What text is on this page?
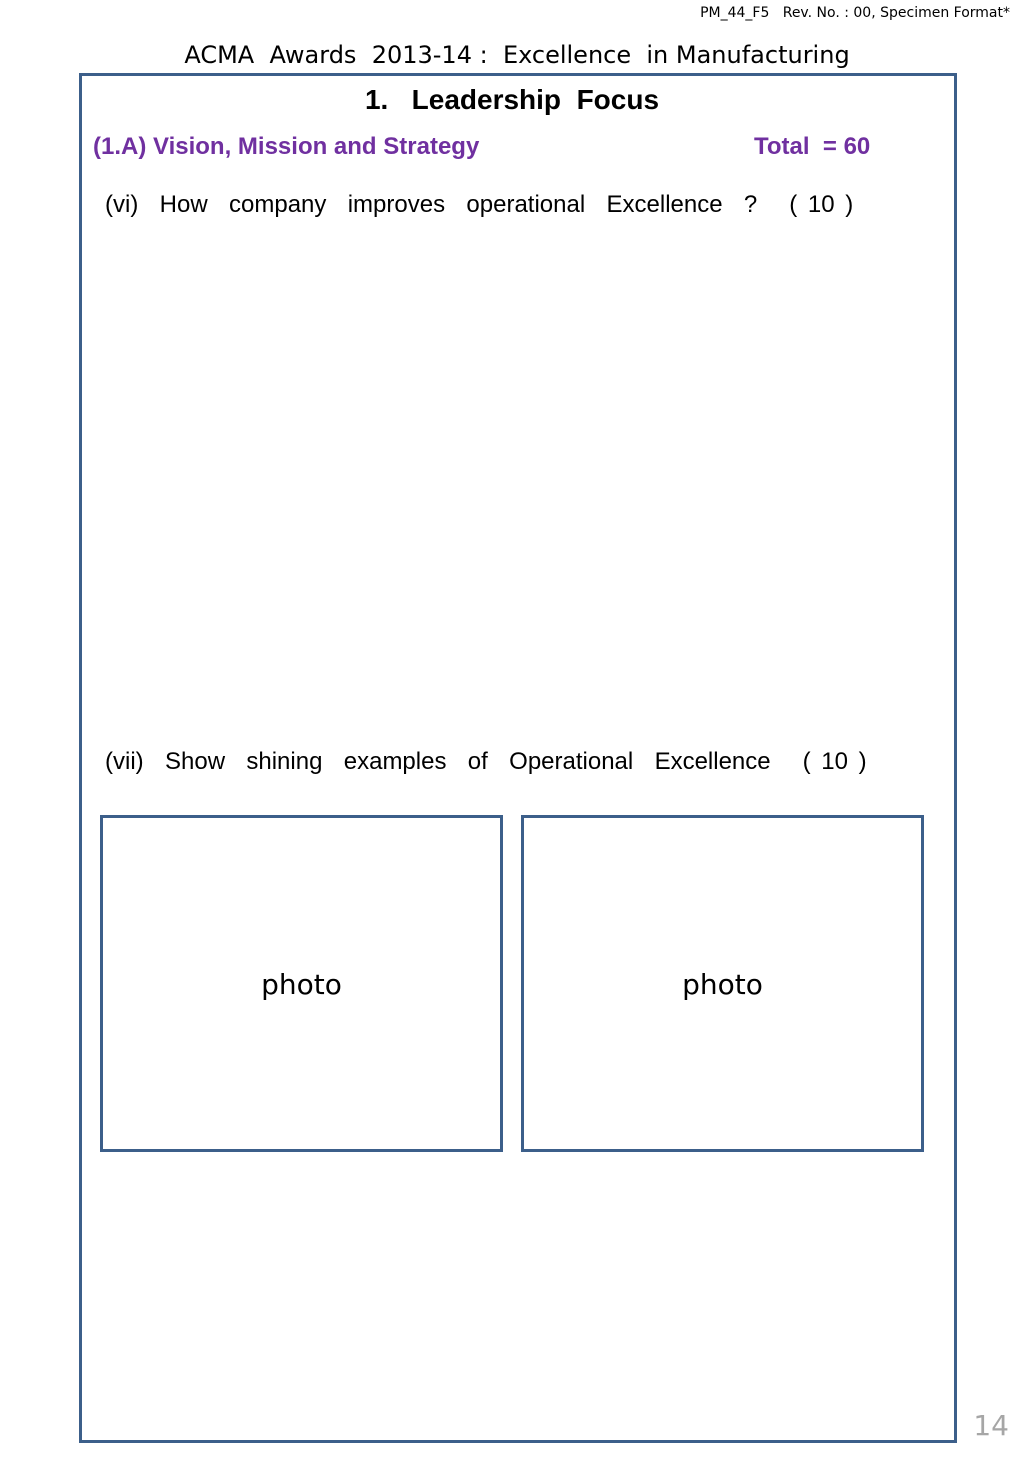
PM_44_F5   Rev. No. : 00, Specimen Format*
ACMA  Awards  2013-14 :  Excellence  in Manufacturing
1.   Leadership  Focus
(1.A) Vision, Mission and Strategy	Total  = 60
(vi)  How  company  improves  operational  Excellence  ?   ( 10 )
(vii)  Show  shining  examples  of  Operational  Excellence   ( 10 )
photo	photo
14
